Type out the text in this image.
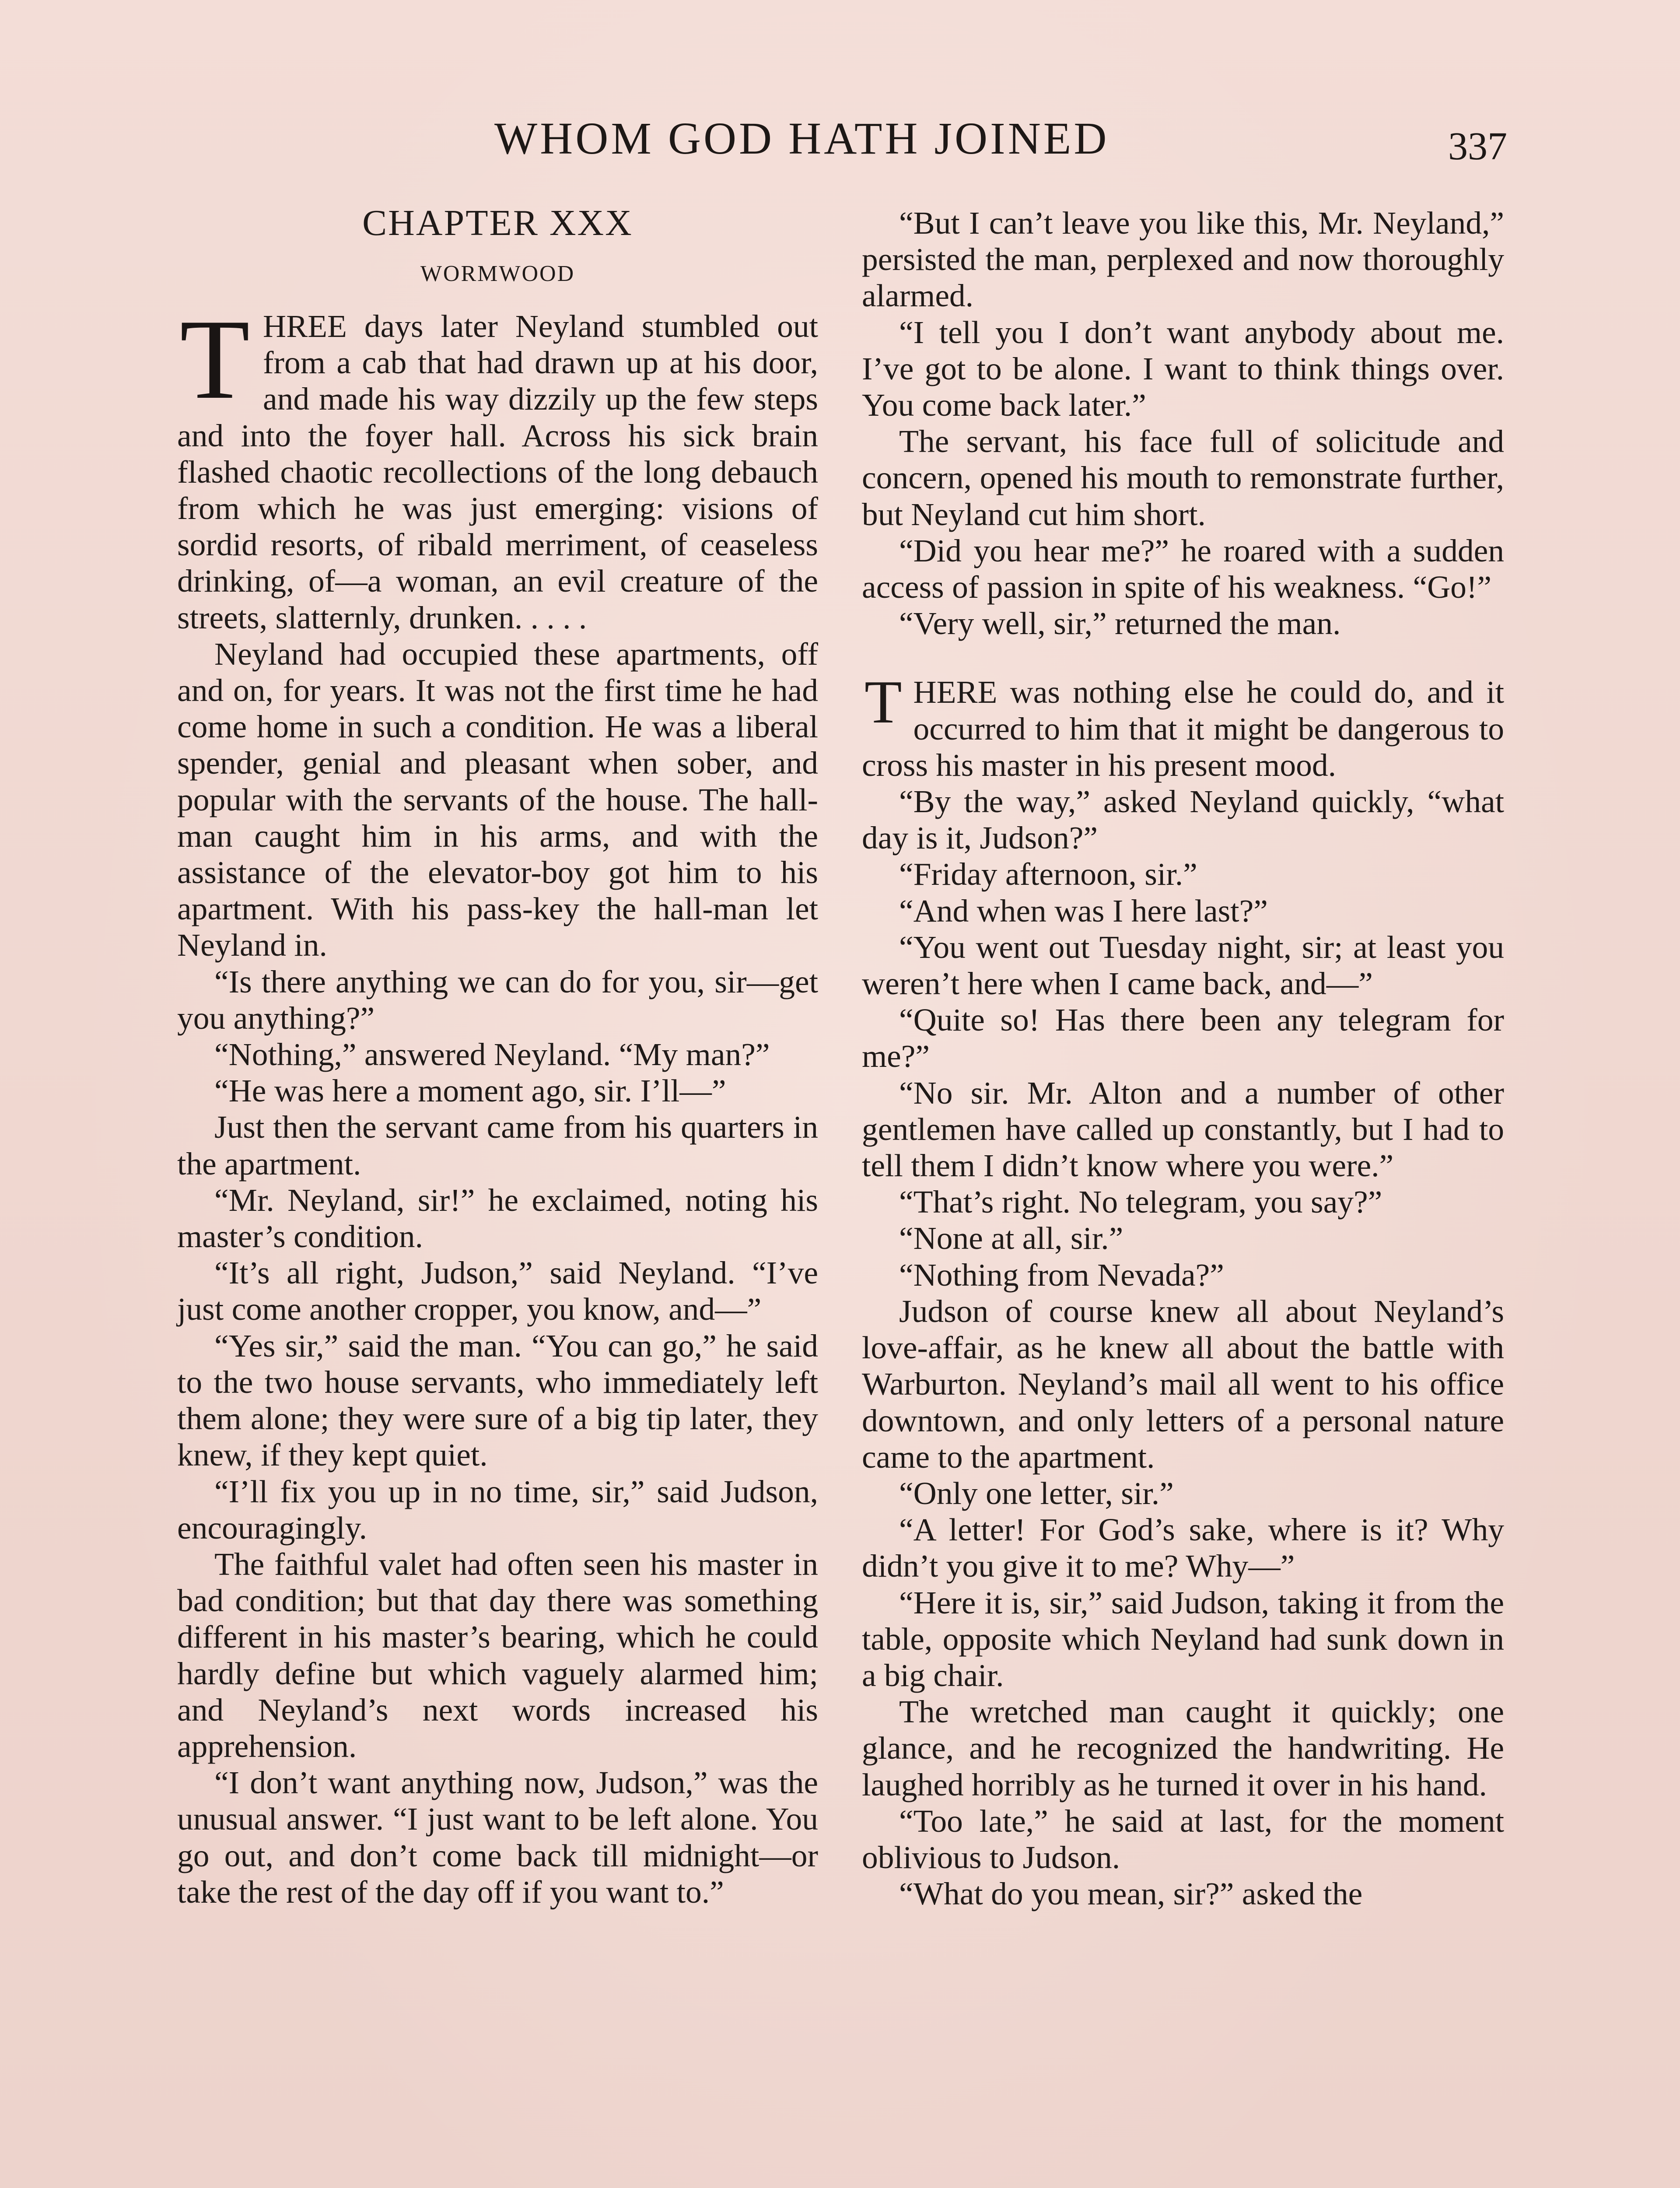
WHOM GOD HATH JOINED	337
CHAPTER XXX
WORMWOOD

THREE days later Neyland stumbled out from a cab that had drawn up at his door, and made his way dizzily up the few steps and into the foyer hall. Across his sick brain flashed chaotic recollections of the long debauch from which he was just emerging: visions of sordid resorts, of ribald merriment, of ceaseless drinking, of—a woman, an evil creature of the streets, slatternly, drunken. . . . .

Neyland had occupied these apartments, off and on, for years. It was not the first time he had come home in such a condition. He was a liberal spender, genial and pleasant when sober, and popular with the servants of the house. The hall-man caught him in his arms, and with the assistance of the elevator-boy got him to his apartment. With his pass-key the hall-man let Neyland in.

“Is there anything we can do for you, sir—get you anything?”

“Nothing,” answered Neyland. “My man?”

“He was here a moment ago, sir. I’ll—”

Just then the servant came from his quarters in the apartment.

“Mr. Neyland, sir!” he exclaimed, noting his master’s condition.

“It’s all right, Judson,” said Neyland. “I’ve just come another cropper, you know, and—”

“Yes sir,” said the man. “You can go,” he said to the two house servants, who immediately left them alone; they were sure of a big tip later, they knew, if they kept quiet.

“I’ll fix you up in no time, sir,” said Judson, encouragingly.

The faithful valet had often seen his master in bad condition; but that day there was something different in his master’s bearing, which he could hardly define but which vaguely alarmed him; and Neyland’s next words increased his apprehension.

“I don’t want anything now, Judson,” was the unusual answer. “I just want to be left alone. You go out, and don’t come back till midnight—or take the rest of the day off if you want to.”

“But I can’t leave you like this, Mr. Neyland,” persisted the man, perplexed and now thoroughly alarmed.

“I tell you I don’t want anybody about me. I’ve got to be alone. I want to think things over. You come back later.”

The servant, his face full of solicitude and concern, opened his mouth to remonstrate further, but Neyland cut him short.

“Did you hear me?” he roared with a sudden access of passion in spite of his weakness. “Go!”

“Very well, sir,” returned the man.

THERE was nothing else he could do, and it occurred to him that it might be dangerous to cross his master in his present mood.

“By the way,” asked Neyland quickly, “what day is it, Judson?”

“Friday afternoon, sir.”

“And when was I here last?”

“You went out Tuesday night, sir; at least you weren’t here when I came back, and—”

“Quite so! Has there been any telegram for me?”

“No sir. Mr. Alton and a number of other gentlemen have called up constantly, but I had to tell them I didn’t know where you were.”

“That’s right. No telegram, you say?”

“None at all, sir.”

“Nothing from Nevada?”

Judson of course knew all about Neyland’s love-affair, as he knew all about the battle with Warburton. Neyland’s mail all went to his office downtown, and only letters of a personal nature came to the apartment.

“Only one letter, sir.”

“A letter! For God’s sake, where is it? Why didn’t you give it to me? Why—”

“Here it is, sir,” said Judson, taking it from the table, opposite which Neyland had sunk down in a big chair.

The wretched man caught it quickly; one glance, and he recognized the handwriting. He laughed horribly as he turned it over in his hand.

“Too late,” he said at last, for the moment oblivious to Judson.

“What do you mean, sir?” asked the
